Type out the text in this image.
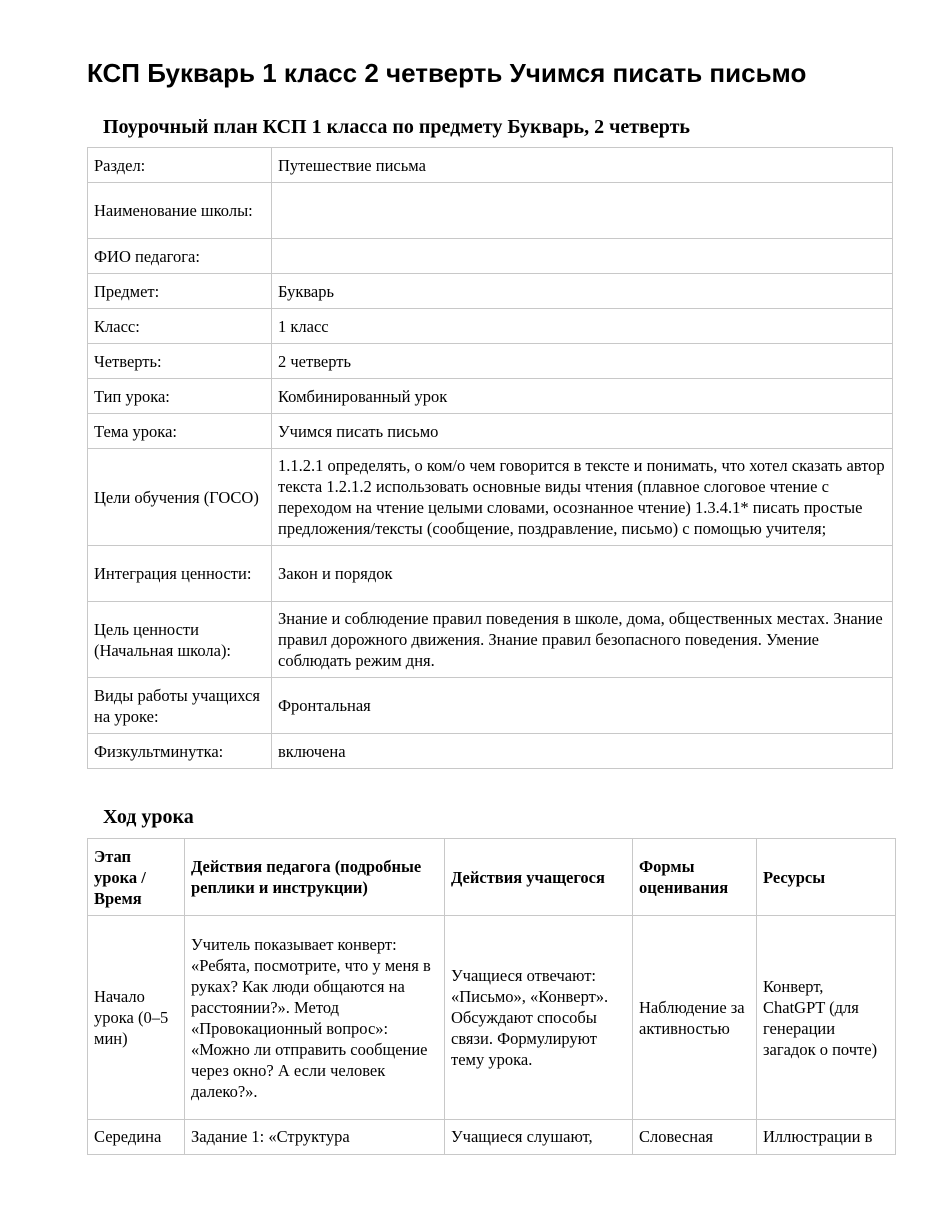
КСП Букварь 1 класс 2 четверть Учимся писать письмо
Поурочный план КСП 1 класса по предмету Букварь, 2 четверть
Раздел:	Путешествие письма
Наименование школы:	
ФИО педагога:	
Предмет:	Букварь
Класс:	1 класс
Четверть:	2 четверть
Тип урока:	Комбинированный урок
Тема урока:	Учимся писать письмо
Цели обучения (ГОСО)	1.1.2.1 определять, о ком/о чем говорится в тексте и понимать, что хотел сказать автор текста 1.2.1.2 использовать основные виды чтения (плавное слоговое чтение с переходом на чтение целыми словами, осознанное чтение) 1.3.4.1* писать простые предложения/тексты (сообщение, поздравление, письмо) с помощью учителя;
Интеграция ценности:	Закон и порядок
Цель ценности (Начальная школа):	Знание и соблюдение правил поведения в школе, дома, общественных местах. Знание правил дорожного движения. Знание правил безопасного поведения. Умение соблюдать режим дня.
Виды работы учащихся на уроке:	Фронтальная
Физкультминутка:	включена
Ход урока
Этап урока / Время	Действия педагога (подробные реплики и инструкции)	Действия учащегося	Формы оценивания	Ресурсы
Начало урока (0–5 мин)	Учитель показывает конверт: «Ребята, посмотрите, что у меня в руках? Как люди общаются на расстоянии?». Метод «Провокационный вопрос»: «Можно ли отправить сообщение через окно? А если человек далеко?».	Учащиеся отвечают: «Письмо», «Конверт». Обсуждают способы связи. Формулируют тему урока.	Наблюдение за активностью	Конверт, ChatGPT (для генерации загадок о почте)
Середина	Задание 1: «Структура	Учащиеся слушают,	Словесная	Иллюстрации в
